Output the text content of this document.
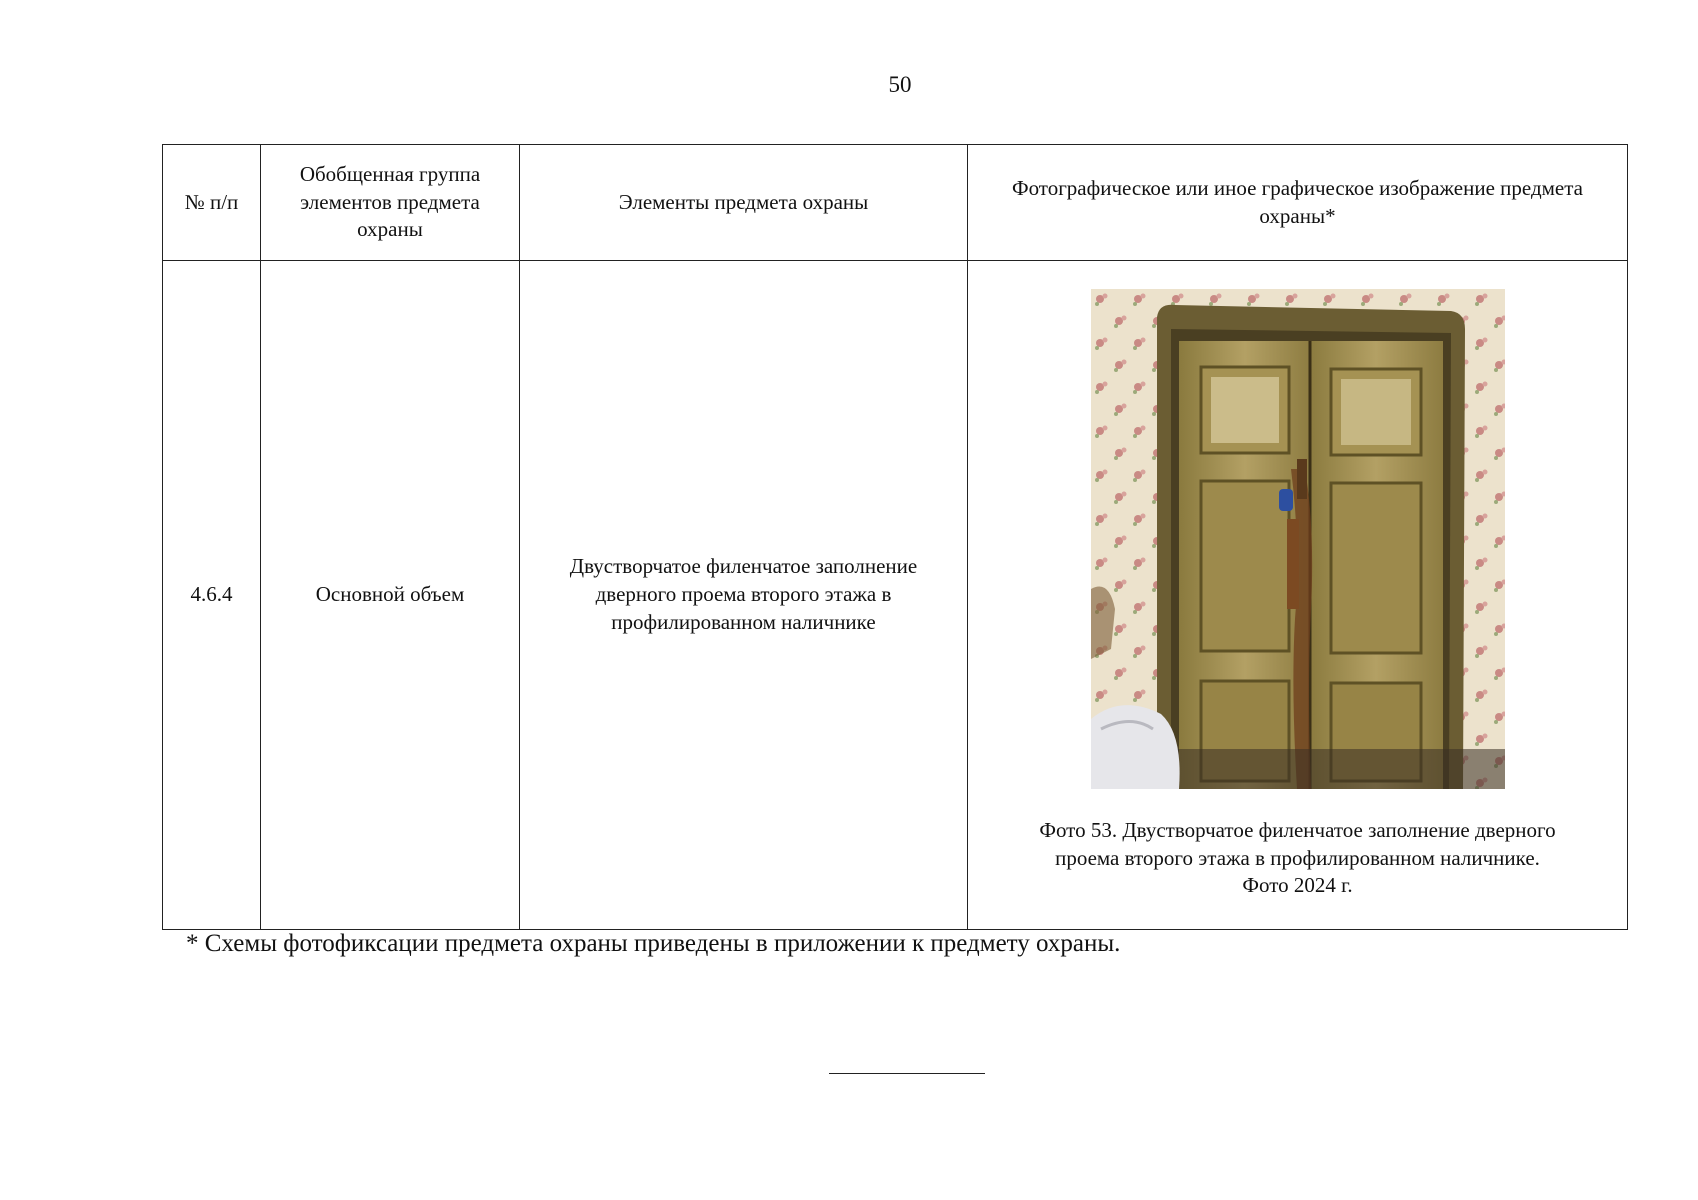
50
№ п/п	Обобщенная группа элементов предмета охраны	Элементы предмета охраны	Фотографическое или иное графическое изображение предмета охраны*
4.6.4	Основной объем	Двустворчатое филенчатое заполнение дверного проема второго этажа в профилированном наличнике	Фото 53. Двустворчатое филенчатое заполнение дверного
проема второго этажа в профилированном наличнике.
Фото 2024 г.
* Схемы фотофиксации предмета охраны приведены в приложении к предмету охраны.
